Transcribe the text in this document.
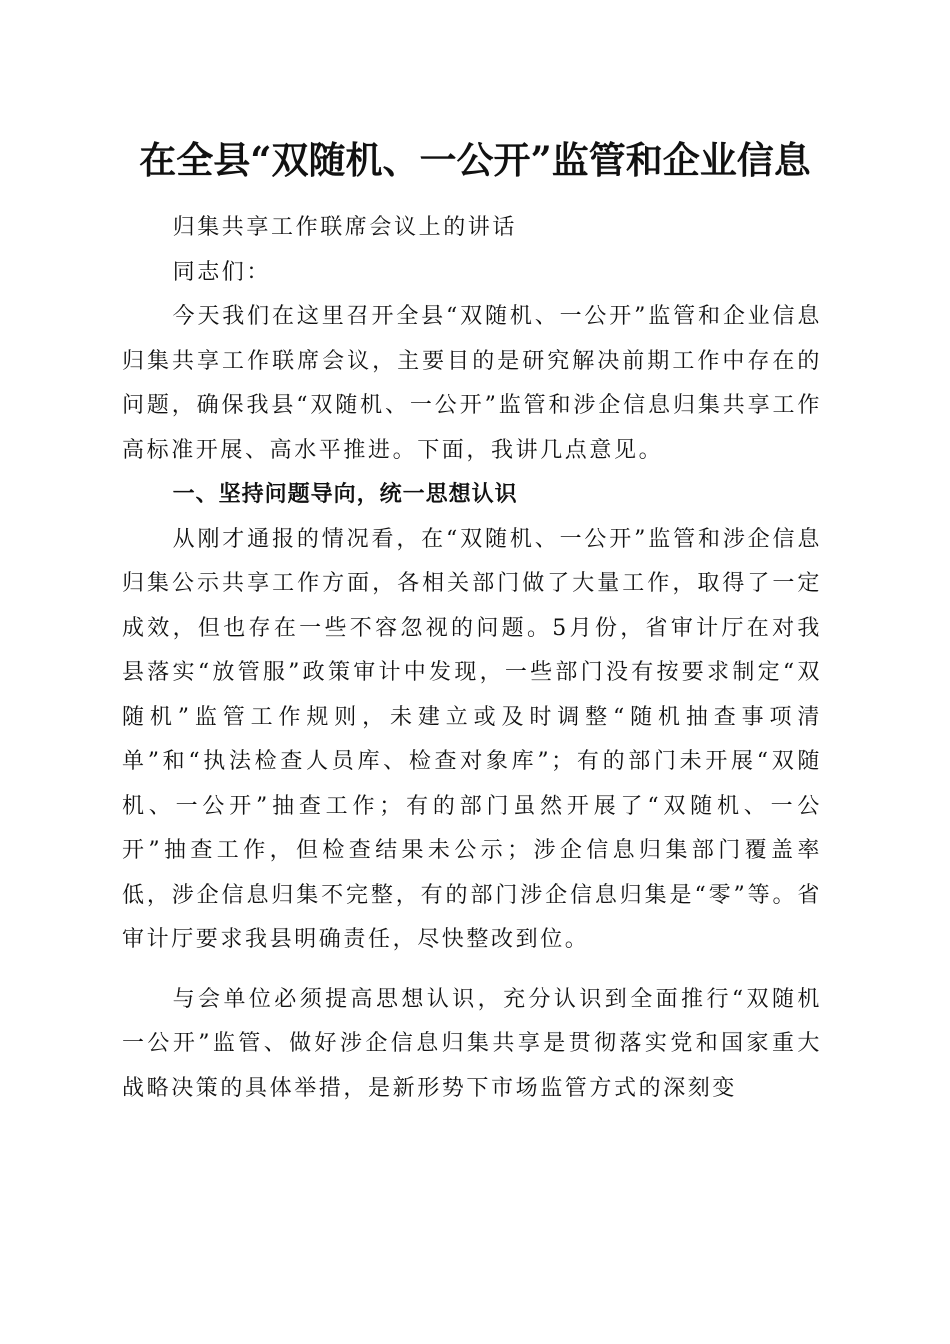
在全县“双随机、一公开”监管和企业信息

归集共享工作联席会议上的讲话

同志们：

今天我们在这里召开全县“双随机、一公开”监管和企业信息归集共享工作联席会议，主要目的是研究解决前期工作中存在的问题，确保我县“双随机、一公开”监管和涉企信息归集共享工作高标准开展、高水平推进。下面，我讲几点意见。

一、坚持问题导向，统一思想认识

从刚才通报的情况看，在“双随机、一公开”监管和涉企信息归集公示共享工作方面，各相关部门做了大量工作，取得了一定成效，但也存在一些不容忽视的问题。5月份，省审计厅在对我县落实“放管服”政策审计中发现，一些部门没有按要求制定“双随机”监管工作规则，未建立或及时调整“随机抽查事项清单”和“执法检查人员库、检查对象库”；有的部门未开展“双随机、一公开”抽查工作；有的部门虽然开展了“双随机、一公开”抽查工作，但检查结果未公示；涉企信息归集部门覆盖率低，涉企信息归集不完整，有的部门涉企信息归集是“零”等。省审计厅要求我县明确责任，尽快整改到位。

与会单位必须提高思想认识，充分认识到全面推行“双随机一公开”监管、做好涉企信息归集共享是贯彻落实党和国家重大战略决策的具体举措，是新形势下市场监管方式的深刻变
